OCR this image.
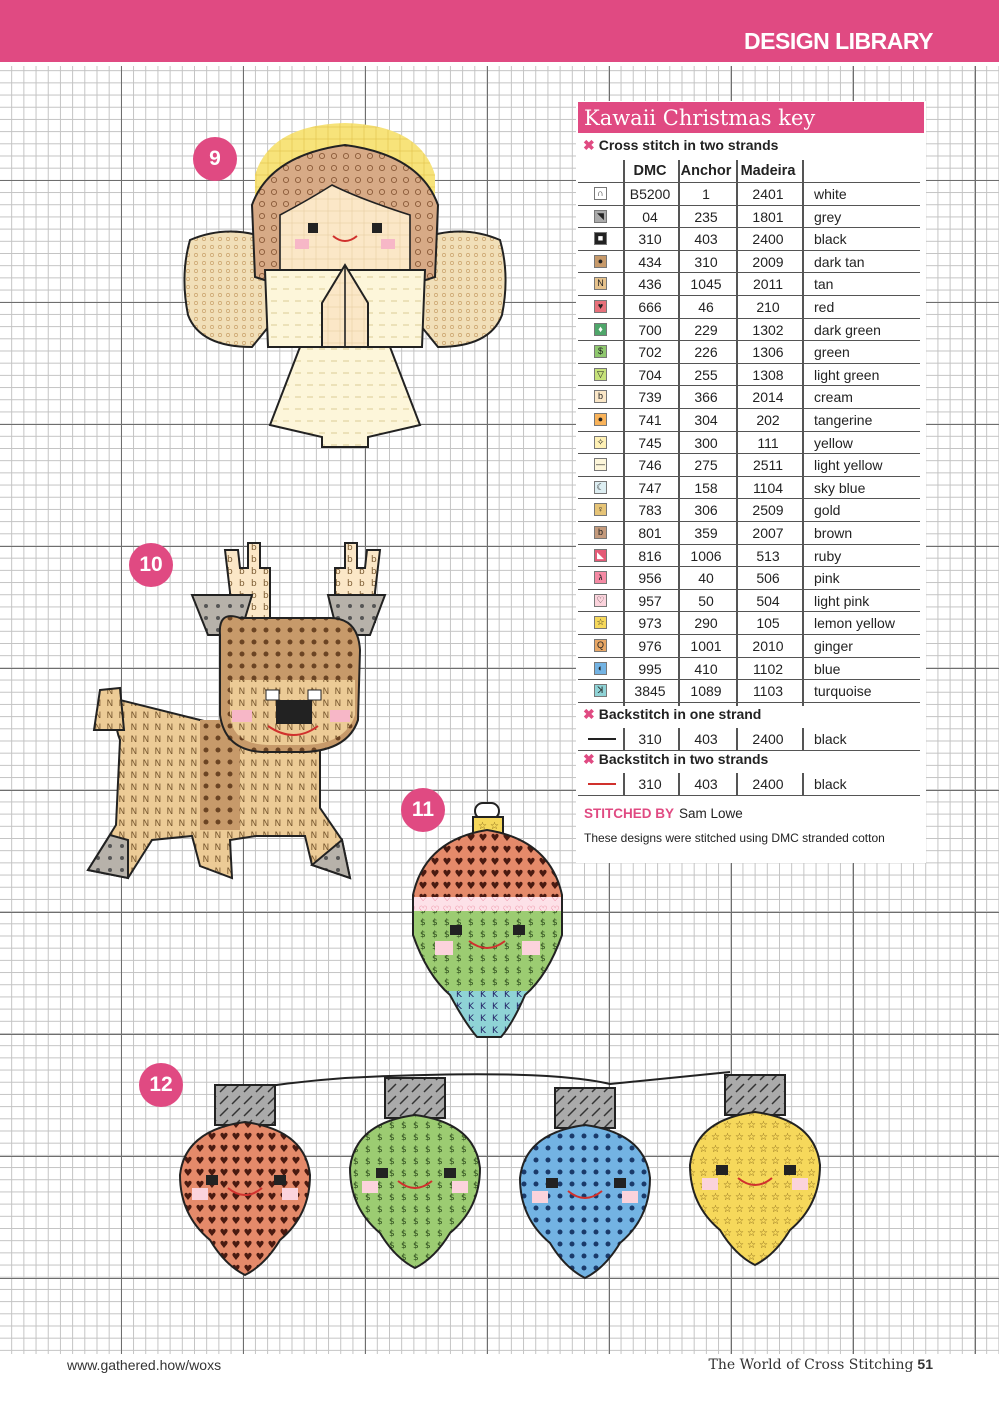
DESIGN LIBRARY
9
10
11
12
Kawaii Christmas key
✖ Cross stitch in two strands
DMC Anchor Madeira
∩	B5200	1	2401	white
◥	04	235	1801	grey
■	310	403	2400	black
●	434	310	2009	dark tan
N	436	1045	2011	tan
♥	666	46	210	red
♦	700	229	1302	dark green
$	702	226	1306	green
▽	704	255	1308	light green
b	739	366	2014	cream
●	741	304	202	tangerine
✧	745	300	111	yellow
—	746	275	2511	light yellow
☾	747	158	1104	sky blue
♀	783	306	2509	gold
b	801	359	2007	brown
◣	816	1006	513	ruby
ג	956	40	506	pink
♡	957	50	504	light pink
☆	973	290	105	lemon yellow
Q	976	1001	2010	ginger
◐	995	410	1102	blue
ꓘ	3845	1089	1103	turquoise
✖ Backstitch in one strand
310	403	2400	black
✖ Backstitch in two strands
310	403	2400	black
STITCHED BY Sam Lowe
These designs were stitched using DMC stranded cotton
www.gathered.how/woxs	The World of Cross Stitching 51
